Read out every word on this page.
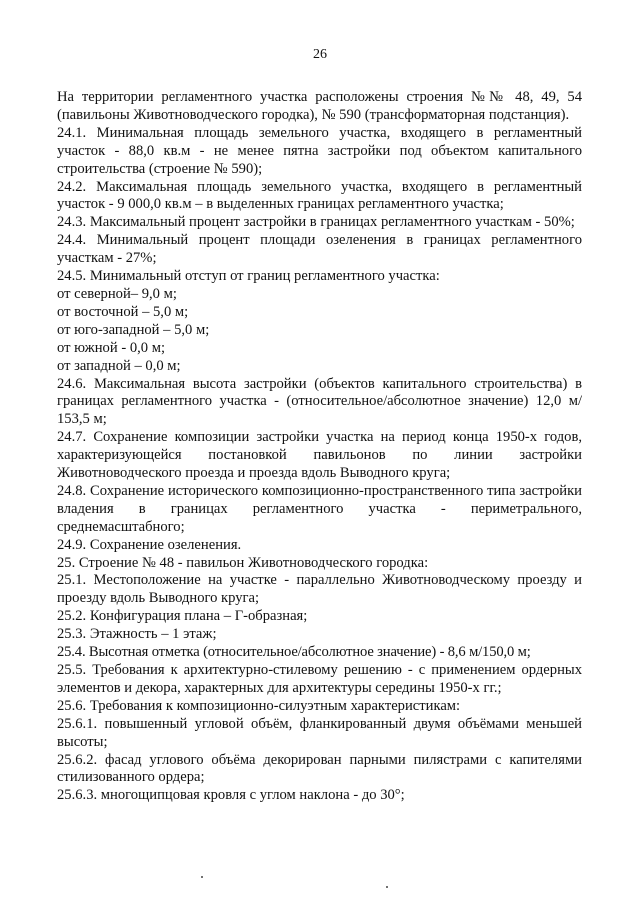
26

На территории регламентного участка расположены строения №№ 48, 49, 54 (павильоны Животноводческого городка), № 590 (трансформаторная подстанция).

24.1. Минимальная площадь земельного участка, входящего в регламентный участок - 88,0 кв.м - не менее пятна застройки под объектом капитального строительства (строение № 590);

24.2. Максимальная площадь земельного участка, входящего в регламентный участок - 9 000,0 кв.м – в выделенных границах регламентного участка;

24.3. Максимальный процент застройки в границах регламентного участкам - 50%;

24.4. Минимальный процент площади озеленения в границах регламентного участкам - 27%;

24.5. Минимальный отступ от границ регламентного участка:

от северной– 9,0 м;

от восточной – 5,0 м;

от юго-западной – 5,0 м;

от южной - 0,0 м;

от западной – 0,0 м;

24.6. Максимальная высота застройки (объектов капитального строительства) в границах регламентного участка - (относительное/абсолютное значение) 12,0 м/ 153,5 м;

24.7. Сохранение композиции застройки участка на период конца 1950-х годов, характеризующейся постановкой павильонов по линии застройки Животноводческого проезда и проезда вдоль Выводного круга;

24.8. Сохранение исторического композиционно-пространственного типа застройки владения в границах регламентного участка - периметрального, среднемасштабного;

24.9. Сохранение озеленения.

25. Строение № 48 - павильон Животноводческого городка:

25.1. Местоположение на участке - параллельно Животноводческому проезду и проезду вдоль Выводного круга;

25.2. Конфигурация плана – Г-образная;

25.3. Этажность – 1 этаж;

25.4. Высотная отметка (относительное/абсолютное значение) - 8,6 м/150,0 м;

25.5. Требования к архитектурно-стилевому решению - с применением ордерных элементов и декора, характерных для архитектуры середины 1950-х гг.;

25.6. Требования к композиционно-силуэтным характеристикам:

25.6.1. повышенный угловой объём, фланкированный двумя объёмами меньшей высоты;

25.6.2. фасад углового объёма декорирован парными пилястрами с капителями стилизованного ордера;

25.6.3. многощипцовая кровля с углом наклона - до 30°;
